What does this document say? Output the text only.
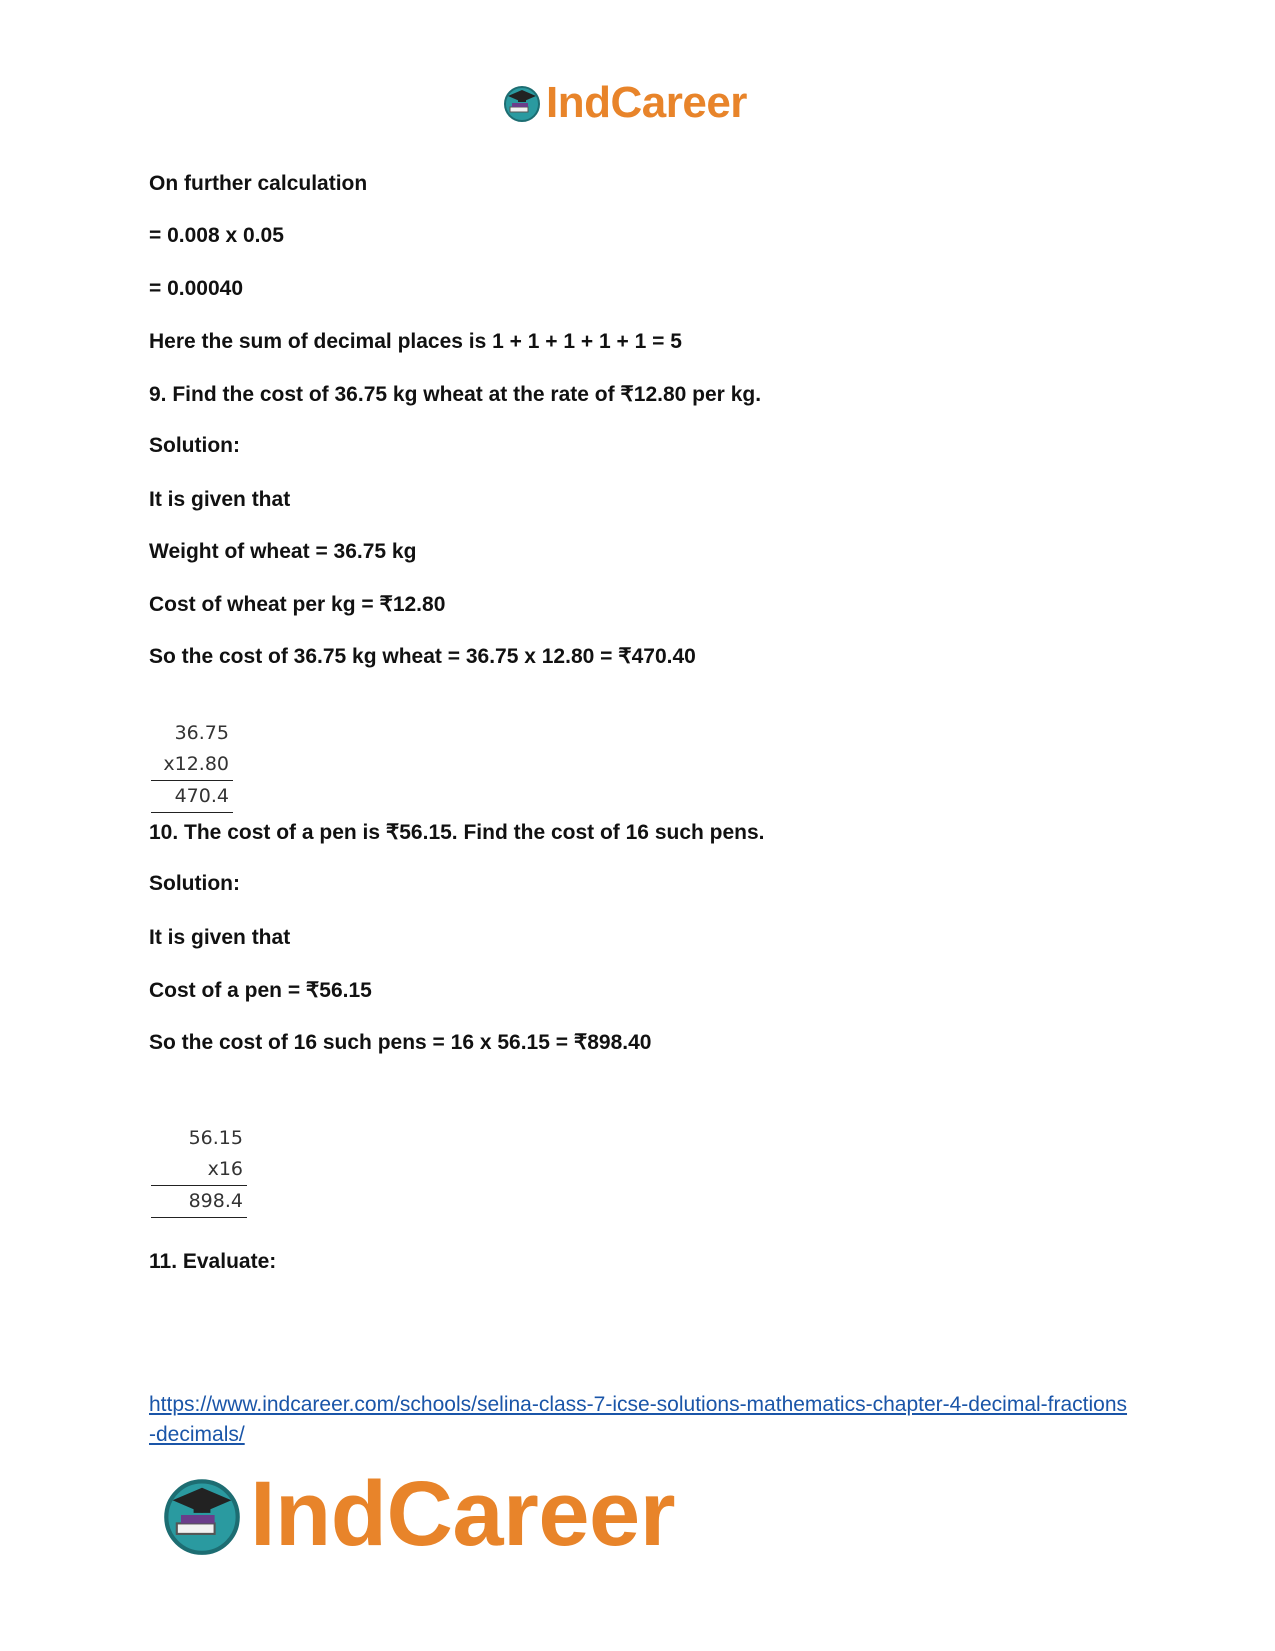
IndCareer
On further calculation
= 0.008 x 0.05
= 0.00040
Here the sum of decimal places is 1 + 1 + 1 + 1 + 1 = 5
9. Find the cost of 36.75 kg wheat at the rate of ₹12.80 per kg.
Solution:
It is given that
Weight of wheat = 36.75 kg
Cost of wheat per kg = ₹12.80
So the cost of 36.75 kg wheat = 36.75 x 12.80 = ₹470.40
36.75
x12.80
470.4
10. The cost of a pen is ₹56.15. Find the cost of 16 such pens.
Solution:
It is given that
Cost of a pen = ₹56.15
So the cost of 16 such pens = 16 x 56.15 = ₹898.40
56.15
x16
898.4
11. Evaluate:
https://www.indcareer.com/schools/selina-class-7-icse-solutions-mathematics-chapter-4-decimal-fractions-decimals/
IndCareer
